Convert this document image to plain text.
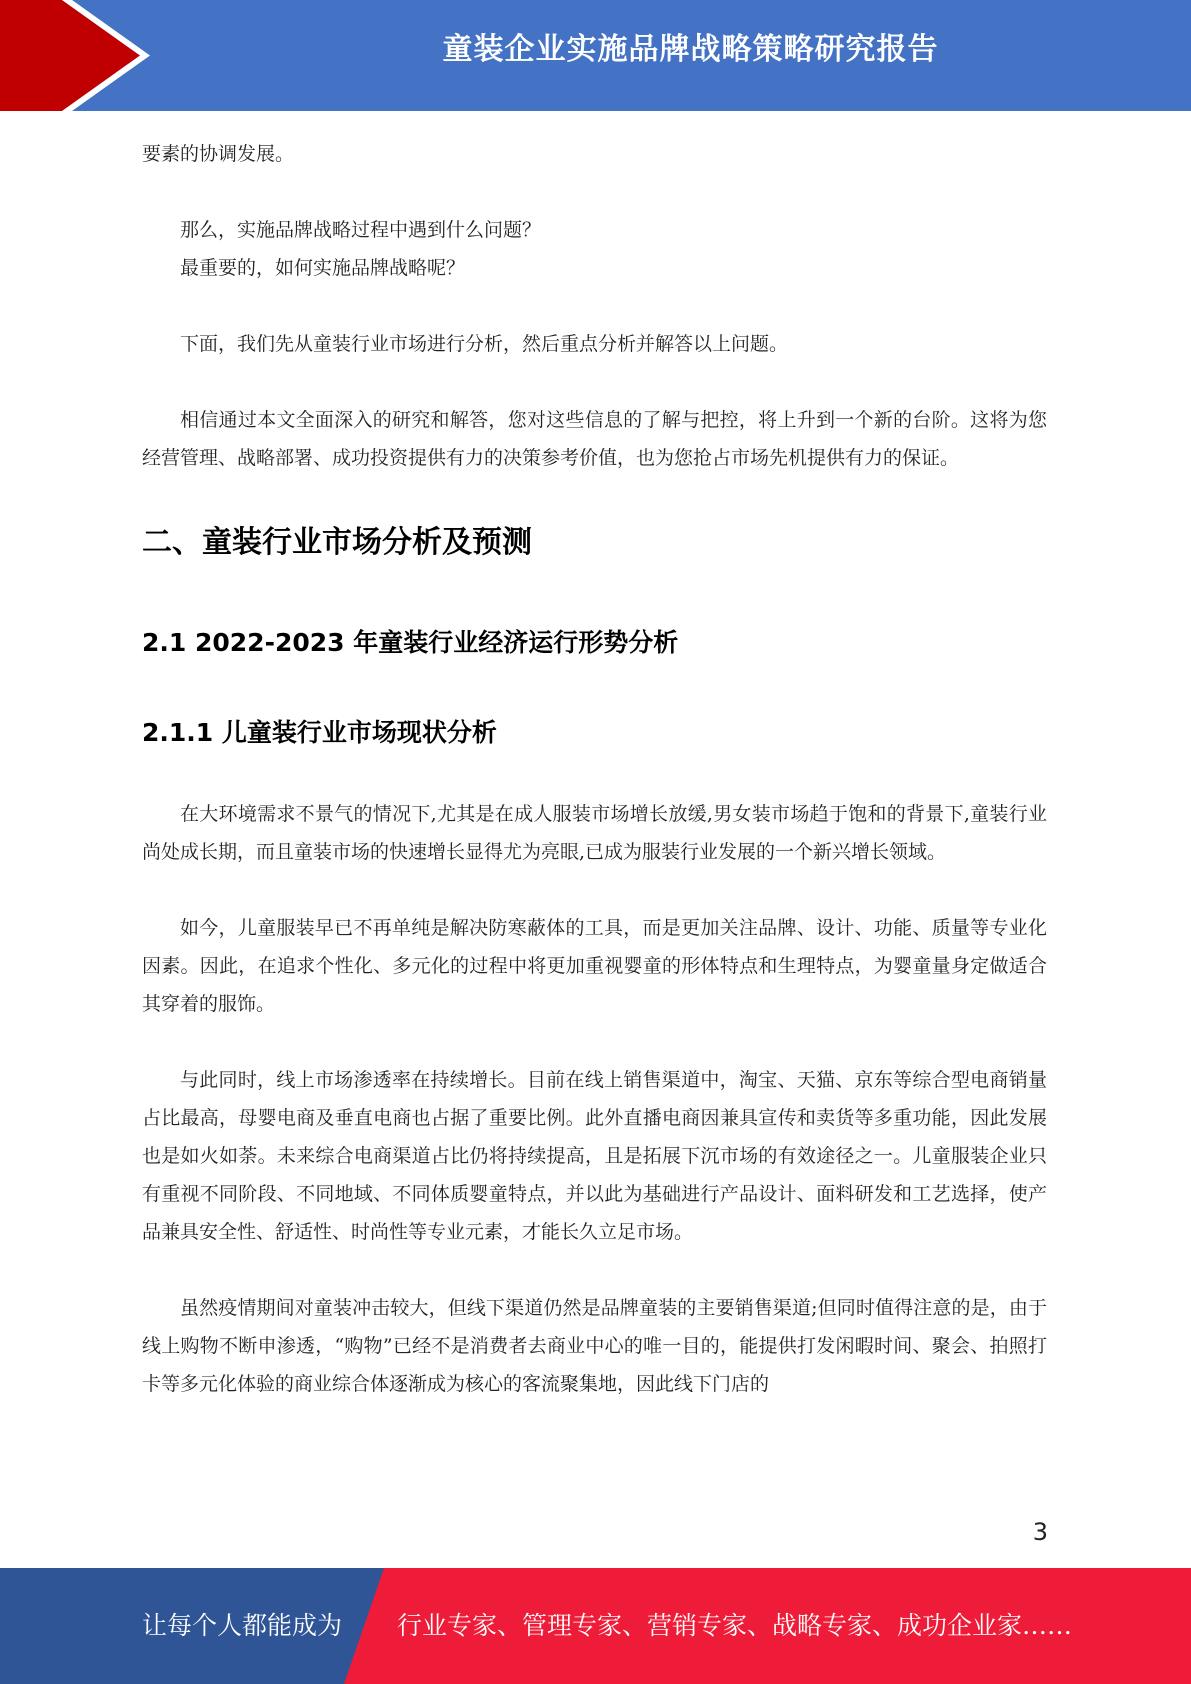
童装企业实施品牌战略策略研究报告

要素的协调发展。

那么，实施品牌战略过程中遇到什么问题？

最重要的，如何实施品牌战略呢？

下面，我们先从童装行业市场进行分析，然后重点分析并解答以上问题。

相信通过本文全面深入的研究和解答，您对这些信息的了解与把控，将上升到一个新的台阶。这将为您经营管理、战略部署、成功投资提供有力的决策参考价值，也为您抢占市场先机提供有力的保证。

二、童装行业市场分析及预测
2.1 2022-2023 年童装行业经济运行形势分析
2.1.1 儿童装行业市场现状分析

在大环境需求不景气的情况下,尤其是在成人服装市场增长放缓,男女装市场趋于饱和的背景下,童装行业尚处成长期，而且童装市场的快速增长显得尤为亮眼,已成为服装行业发展的一个新兴增长领域。

如今，儿童服装早已不再单纯是解决防寒蔽体的工具，而是更加关注品牌、设计、功能、质量等专业化因素。因此，在追求个性化、多元化的过程中将更加重视婴童的形体特点和生理特点，为婴童量身定做适合其穿着的服饰。

与此同时，线上市场渗透率在持续增长。目前在线上销售渠道中，淘宝、天猫、京东等综合型电商销量占比最高，母婴电商及垂直电商也占据了重要比例。此外直播电商因兼具宣传和卖货等多重功能，因此发展也是如火如荼。未来综合电商渠道占比仍将持续提高，且是拓展下沉市场的有效途径之一。儿童服装企业只有重视不同阶段、不同地域、不同体质婴童特点，并以此为基础进行产品设计、面料研发和工艺选择，使产品兼具安全性、舒适性、时尚性等专业元素，才能长久立足市场。

虽然疫情期间对童装冲击较大，但线下渠道仍然是品牌童装的主要销售渠道;但同时值得注意的是，由于线上购物不断申渗透，“购物”已经不是消费者去商业中心的唯一目的，能提供打发闲暇时间、聚会、拍照打卡等多元化体验的商业综合体逐渐成为核心的客流聚集地，因此线下门店的

3
让每个人都能成为 行业专家、管理专家、营销专家、战略专家、成功企业家……
